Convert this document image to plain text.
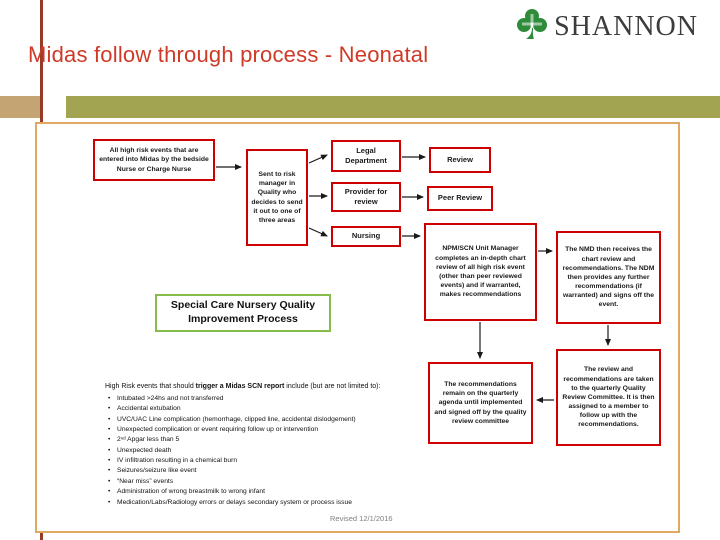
Midas follow through process - Neonatal
SHANNON
All high risk events that are entered into Midas by the bedside Nurse or Charge Nurse
Sent to risk manager in Quality who decides to send it out to one of three areas
Legal Department	Review
Provider for review	Peer Review
Nursing
NPM/SCN Unit Manager completes an in-depth chart review of all high risk event (other than peer reviewed events) and if warranted, makes recommendations
The NMD then receives the chart review and recommendations. The NDM then provides any further recommendations (if warranted) and signs off the event.
Special Care Nursery Quality Improvement Process
The recommendations remain on the quarterly agenda until implemented and signed off by the quality review committee
The review and recommendations are taken to the quarterly Quality Review Committee. It is then assigned to a member to follow up with the recommendations.
High Risk events that should trigger a Midas SCN report include (but are not limited to):
• Intubated >24hs and not transferred
• Accidental extubation
• UVC/UAC Line complication (hemorrhage, clipped line, accidental dislodgement)
• Unexpected complication or event requiring follow up or intervention
• 2ⁿᵈ Apgar less than 5
• Unexpected death
• IV infiltration resulting in a chemical burn
• Seizures/seizure like event
• “Near miss” events
• Administration of wrong breastmilk to wrong infant
• Medication/Labs/Radiology errors or delays secondary system or process issue
Revised 12/1/2016
